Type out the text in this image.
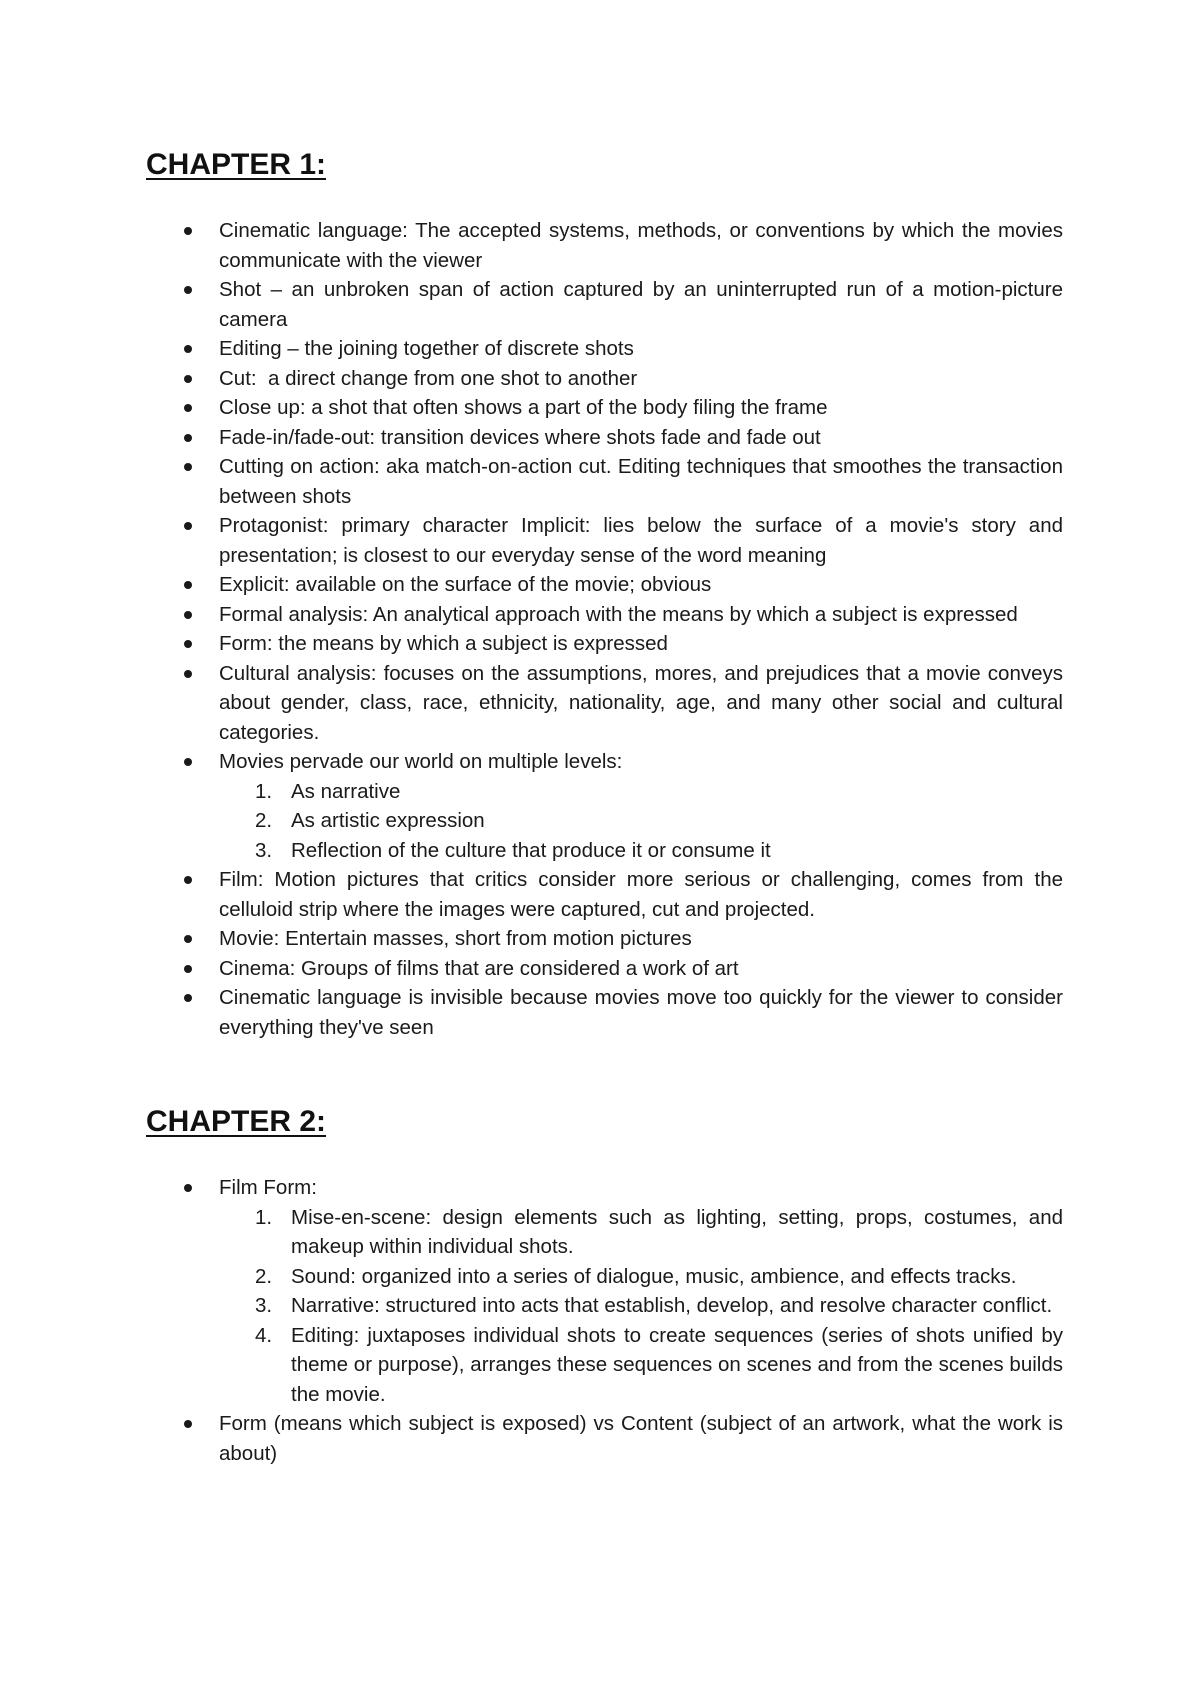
CHAPTER 1:
Cinematic language: The accepted systems, methods, or conventions by which the movies communicate with the viewer
Shot – an unbroken span of action captured by an uninterrupted run of a motion-picture camera
Editing – the joining together of discrete shots
Cut:  a direct change from one shot to another
Close up: a shot that often shows a part of the body filing the frame
Fade-in/fade-out: transition devices where shots fade and fade out
Cutting on action: aka match-on-action cut. Editing techniques that smoothes the transaction between shots
Protagonist: primary character Implicit: lies below the surface of a movie's story and presentation; is closest to our everyday sense of the word meaning
Explicit: available on the surface of the movie; obvious
Formal analysis: An analytical approach with the means by which a subject is expressed
Form: the means by which a subject is expressed
Cultural analysis: focuses on the assumptions, mores, and prejudices that a movie conveys about gender, class, race, ethnicity, nationality, age, and many other social and cultural categories.
Movies pervade our world on multiple levels:
1. As narrative
2. As artistic expression
3. Reflection of the culture that produce it or consume it
Film: Motion pictures that critics consider more serious or challenging, comes from the celluloid strip where the images were captured, cut and projected.
Movie: Entertain masses, short from motion pictures
Cinema: Groups of films that are considered a work of art
Cinematic language is invisible because movies move too quickly for the viewer to consider everything they've seen
CHAPTER 2:
Film Form:
1. Mise-en-scene: design elements such as lighting, setting, props, costumes, and makeup within individual shots.
2. Sound: organized into a series of dialogue, music, ambience, and effects tracks.
3. Narrative: structured into acts that establish, develop, and resolve character conflict.
4. Editing: juxtaposes individual shots to create sequences (series of shots unified by theme or purpose), arranges these sequences on scenes and from the scenes builds the movie.
Form (means which subject is exposed) vs Content (subject of an artwork, what the work is about)
